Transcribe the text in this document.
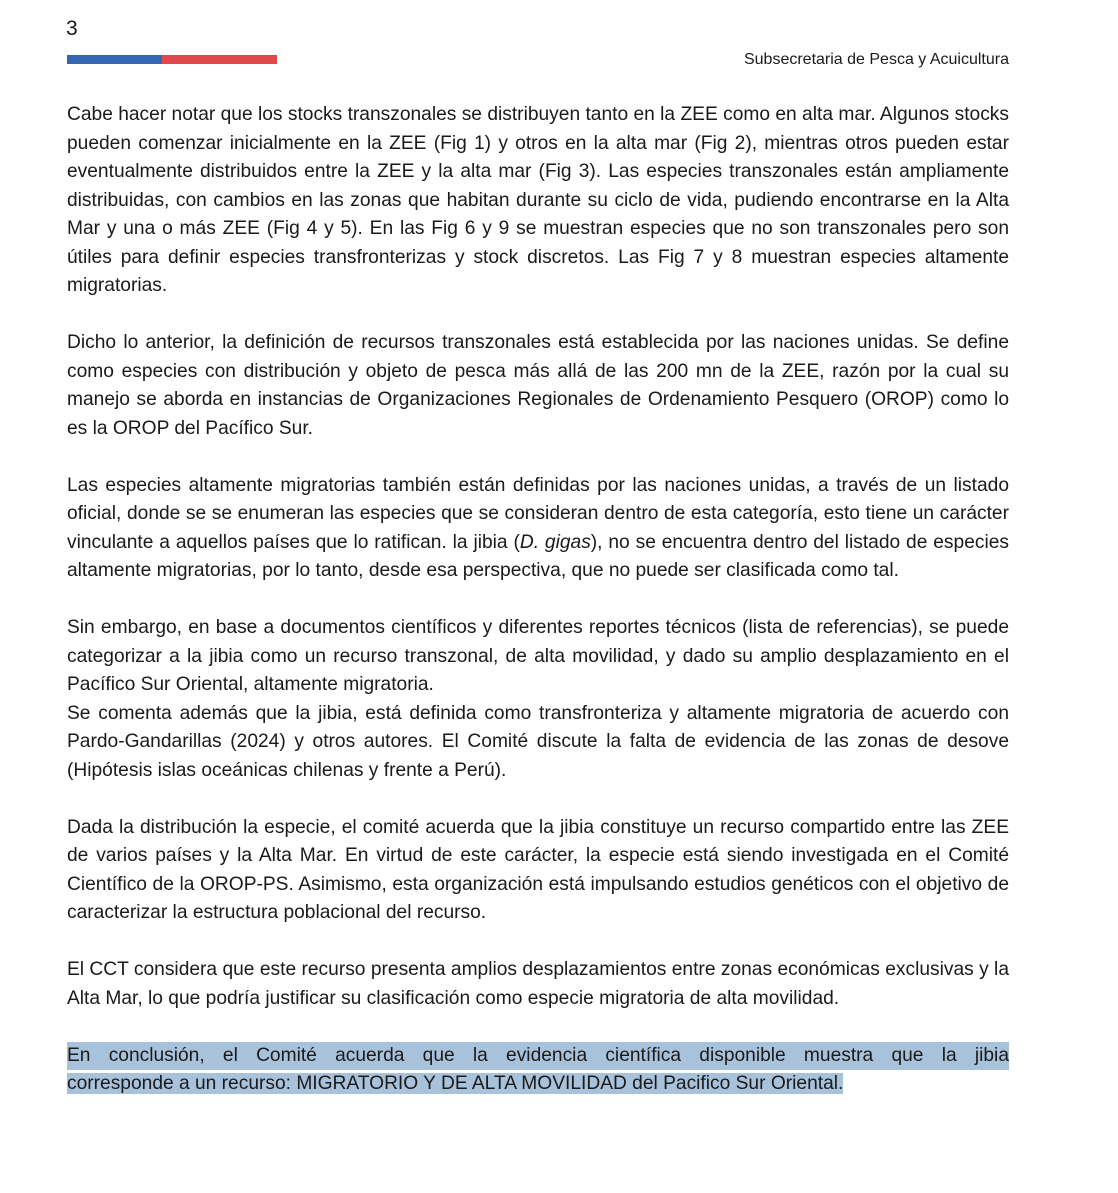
3
Subsecretaria de Pesca y Acuicultura

Cabe hacer notar que los stocks transzonales se distribuyen tanto en la ZEE como en alta mar. Algunos stocks pueden comenzar inicialmente en la ZEE (Fig 1) y otros en la alta mar (Fig 2), mientras otros pueden estar eventualmente distribuidos entre la ZEE y la alta mar (Fig 3). Las especies transzonales están ampliamente distribuidas, con cambios en las zonas que habitan durante su ciclo de vida, pudiendo encontrarse en la Alta Mar y una o más ZEE (Fig 4 y 5). En las Fig 6 y 9 se muestran especies que no son transzonales pero son útiles para definir especies transfronterizas y stock discretos. Las Fig 7 y 8 muestran especies altamente migratorias.

Dicho lo anterior, la definición de recursos transzonales está establecida por las naciones unidas. Se define como especies con distribución y objeto de pesca más allá de las 200 mn de la ZEE, razón por la cual su manejo se aborda en instancias de Organizaciones Regionales de Ordenamiento Pesquero (OROP) como lo es la OROP del Pacífico Sur.

Las especies altamente migratorias también están definidas por las naciones unidas, a través de un listado oficial, donde se se enumeran las especies que se consideran dentro de esta categoría, esto tiene un carácter vinculante a aquellos países que lo ratifican. la jibia (D. gigas), no se encuentra dentro del listado de especies altamente migratorias, por lo tanto, desde esa perspectiva, que no puede ser clasificada como tal.

Sin embargo, en base a documentos científicos y diferentes reportes técnicos (lista de referencias), se puede categorizar a la jibia como un recurso transzonal, de alta movilidad, y dado su amplio desplazamiento en el Pacífico Sur Oriental, altamente migratoria.

Se comenta además que la jibia, está definida como transfronteriza y altamente migratoria de acuerdo con Pardo-Gandarillas (2024) y otros autores. El Comité discute la falta de evidencia de las zonas de desove (Hipótesis islas oceánicas chilenas y frente a Perú).

Dada la distribución la especie, el comité acuerda que la jibia constituye un recurso compartido entre las ZEE de varios países y la Alta Mar. En virtud de este carácter, la especie está siendo investigada en el Comité Científico de la OROP-PS. Asimismo, esta organización está impulsando estudios genéticos con el objetivo de caracterizar la estructura poblacional del recurso.

El CCT considera que este recurso presenta amplios desplazamientos entre zonas económicas exclusivas y la Alta Mar, lo que podría justificar su clasificación como especie migratoria de alta movilidad.

En conclusión, el Comité acuerda que la evidencia científica disponible muestra que la jibia
corresponde a un recurso: MIGRATORIO Y DE ALTA MOVILIDAD del Pacifico Sur Oriental.
